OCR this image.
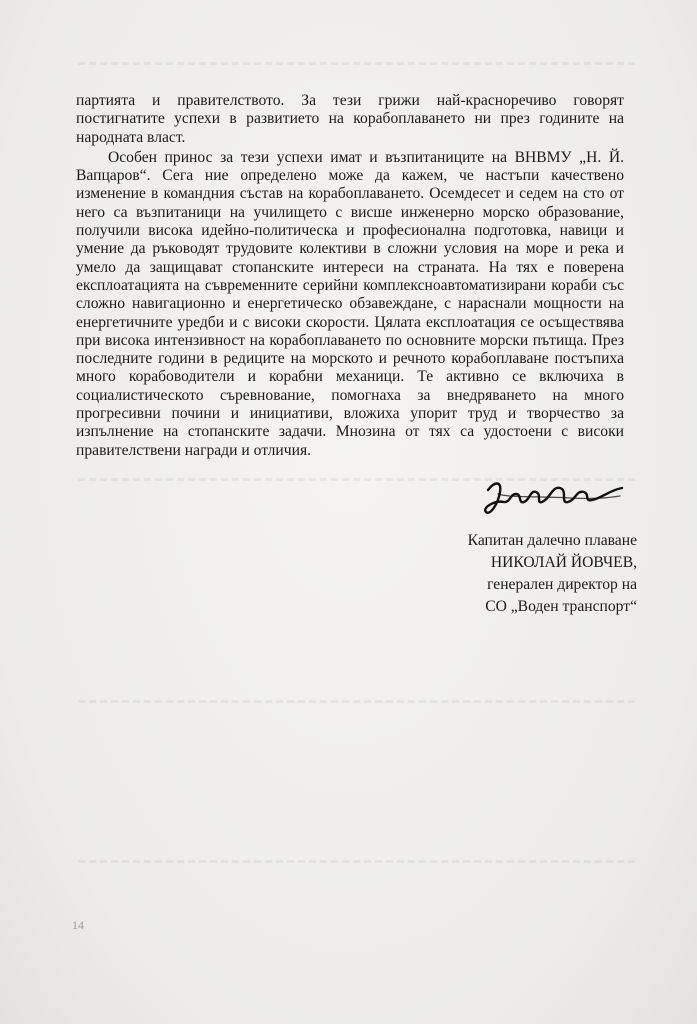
партията и правителството. За тези грижи най-красноречиво говорят постигнатите успехи в развитието на корабоплаването ни през годините на народната власт.

Особен принос за тези успехи имат и възпитаниците на ВНВМУ „Н. Й. Вапцаров“. Сега ние определено може да кажем, че настъпи качествено изменение в командния състав на корабоплаването. Осемдесет и седем на сто от него са възпитаници на училището с висше инженерно морско образование, получили висока идейно-политическа и професионална подготовка, навици и умение да ръководят трудовите колективи в сложни условия на море и река и умело да защищават стопанските интереси на страната. На тях е поверена експлоатацията на съвременните серийни комплексноавтоматизирани кораби със сложно навигационно и енергетическо обзавеждане, с нараснали мощности на енергетичните уредби и с високи скорости. Цялата експлоатация се осъществява при висока интензивност на корабоплаването по основните морски пътища. През последните години в редиците на морското и речното корабоплаване постъпиха много корабоводители и корабни механици. Те активно се включиха в социалистическото съревнование, помогнаха за внедряването на много прогресивни почини и инициативи, вложиха упорит труд и творчество за изпълнение на стопанските задачи. Мнозина от тях са удостоени с високи правителствени награди и отличия.

Капитан далечно плаване
НИКОЛАЙ ЙОВЧЕВ,
генерален директор на
СО „Воден транспорт“
14
